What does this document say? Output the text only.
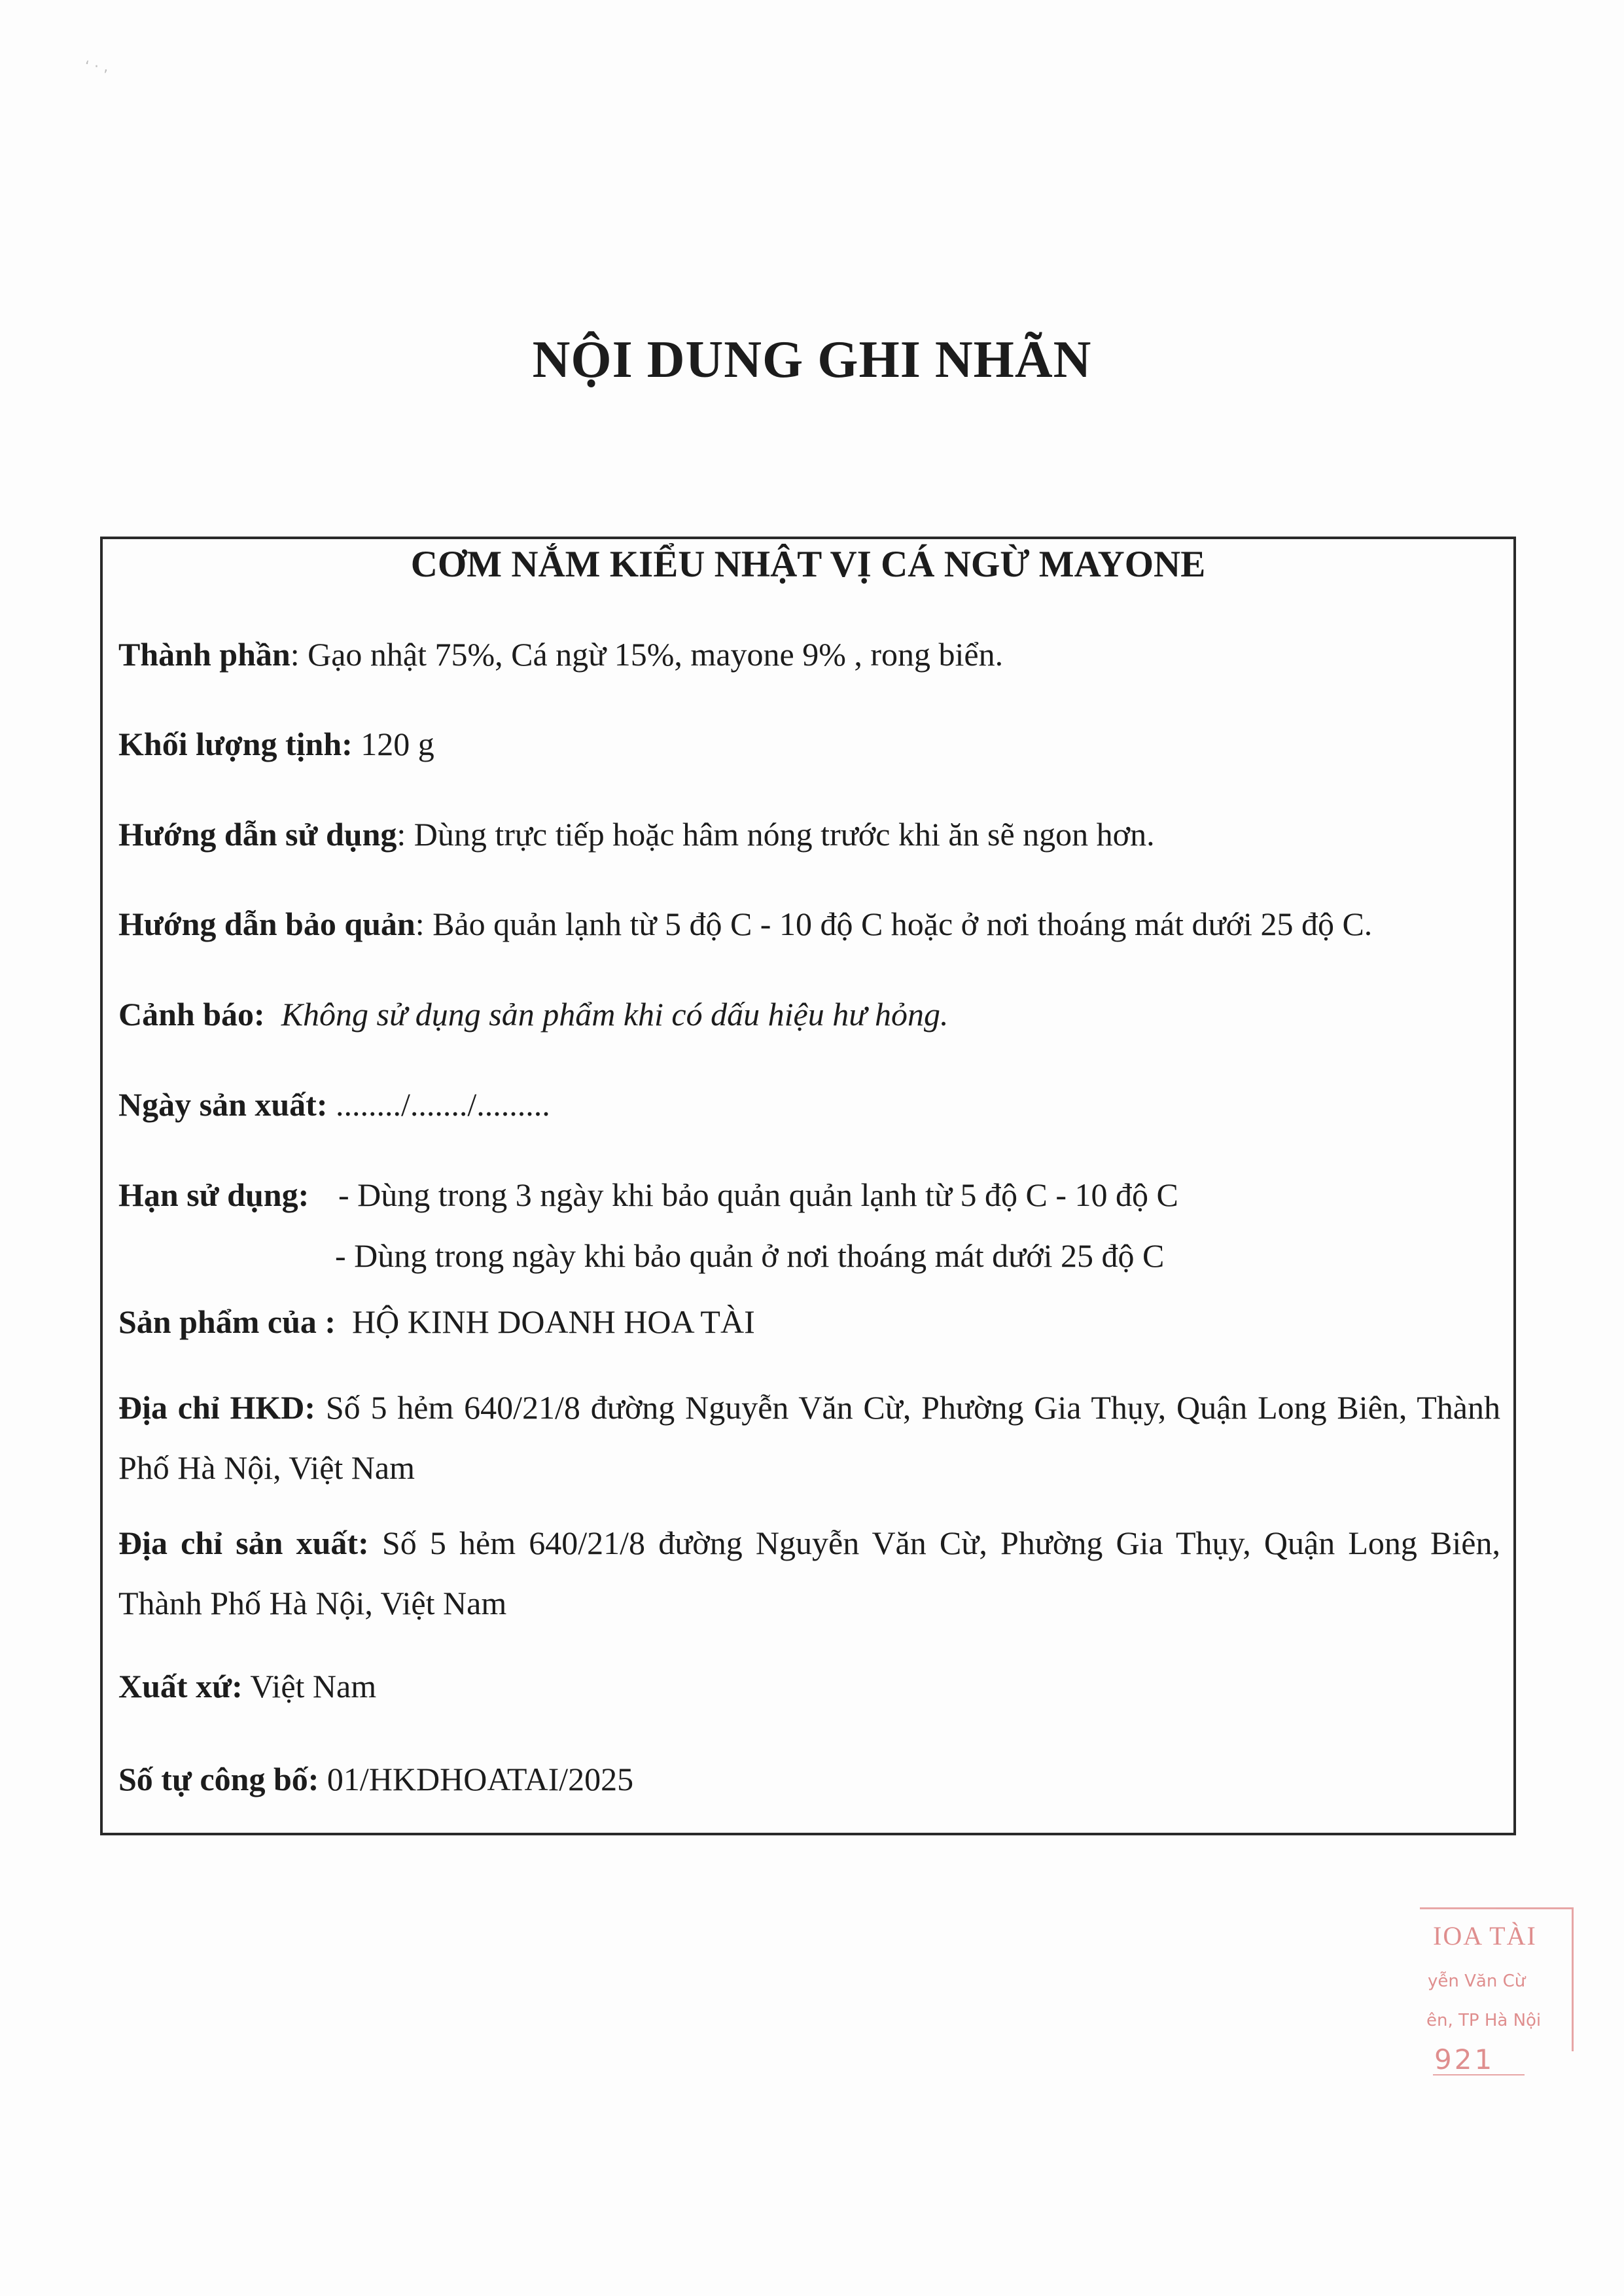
NỘI DUNG GHI NHÃN
‘ · ‚
CƠM NẮM KIỂU NHẬT VỊ CÁ NGỪ MAYONE
Thành phần: Gạo nhật 75%, Cá ngừ 15%, mayone 9% , rong biển.
Khối lượng tịnh: 120 g
Hướng dẫn sử dụng: Dùng trực tiếp hoặc hâm nóng trước khi ăn sẽ ngon hơn.
Hướng dẫn bảo quản: Bảo quản lạnh từ 5 độ C - 10 độ C hoặc ở nơi thoáng mát dưới 25 độ C.
Cảnh báo: Không sử dụng sản phẩm khi có dấu hiệu hư hỏng.
Ngày sản xuất: ......../......./.........
Hạn sử dụng: - Dùng trong 3 ngày khi bảo quản quản lạnh từ 5 độ C - 10 độ C
- Dùng trong ngày khi bảo quản ở nơi thoáng mát dưới 25 độ C
Sản phẩm của : HỘ KINH DOANH HOA TÀI
Địa chỉ HKD: Số 5 hẻm 640/21/8 đường Nguyễn Văn Cừ, Phường Gia Thụy, Quận Long Biên, Thành Phố Hà Nội, Việt Nam
Địa chỉ sản xuất: Số 5 hẻm 640/21/8 đường Nguyễn Văn Cừ, Phường Gia Thụy, Quận Long Biên, Thành Phố Hà Nội, Việt Nam
Xuất xứ: Việt Nam
Số tự công bố: 01/HKDHOATAI/2025
IOA TÀI
yễn Văn Cừ
ên, TP Hà Nội
921
